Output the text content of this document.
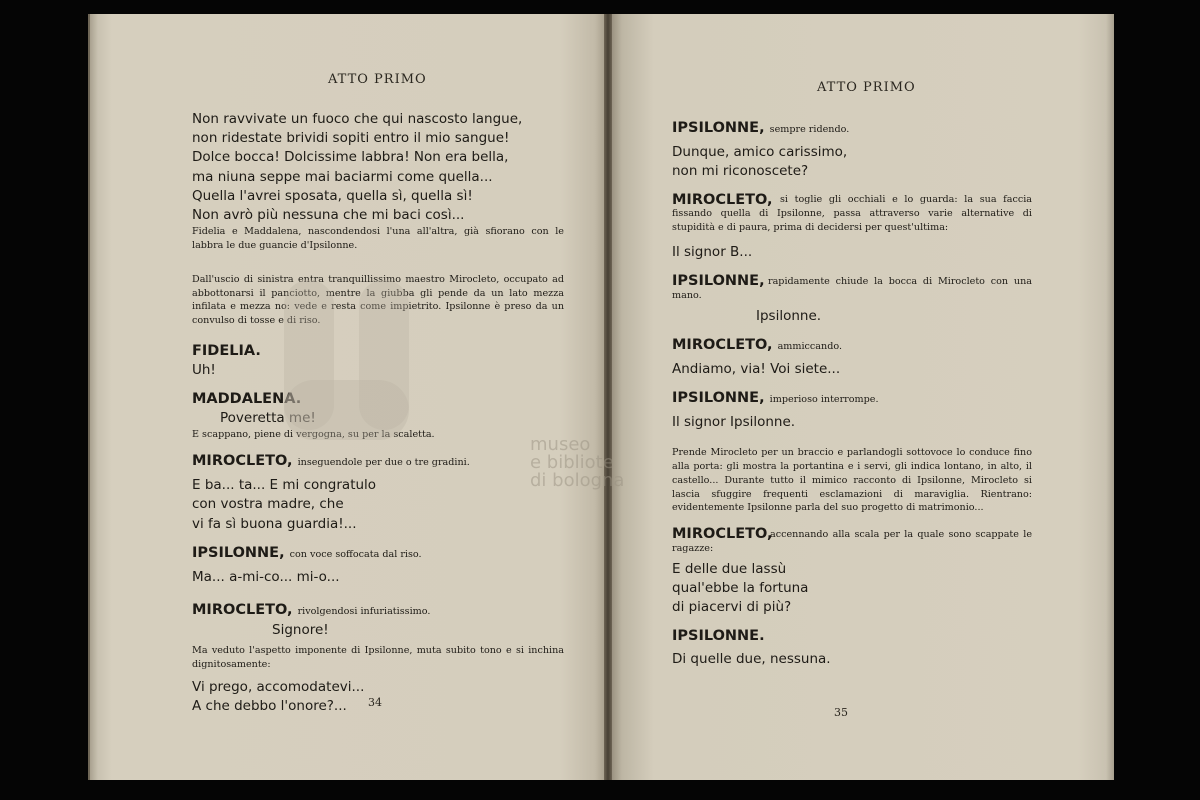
ATTO PRIMO
Non ravvivate un fuoco che qui nascosto langue,
non ridestate brividi sopiti entro il mio sangue!
Dolce bocca! Dolcissime labbra! Non era bella,
ma niuna seppe mai baciarmi come quella...
Quella l'avrei sposata, quella sì, quella sì!
Non avrò più nessuna che mi baci così...
Fidelia e Maddalena, nascondendosi l'una all'altra, già sfiorano con le labbra le due guancie d'Ipsilonne.
Dall'uscio di sinistra entra tranquillissimo maestro Mirocleto, occupato ad abbottonarsi il panciotto, mentre la giubba gli pende da un lato mezza infilata e mezza no: vede e resta come impietrito. Ipsilonne è preso da un convulso di tosse e di riso.
FIDELIA.
Uh!
MADDALENA.
Poveretta me!
E scappano, piene di vergogna, su per la scaletta.
MIROCLETO, inseguendole per due o tre gradini.
E ba... ta... E mi congratulo
con vostra madre, che
vi fa sì buona guardia!...
IPSILONNE, con voce soffocata dal riso.
Ma... a-mi-co... mi-o...
MIROCLETO, rivolgendosi infuriatissimo.
Signore!
Ma veduto l'aspetto imponente di Ipsilonne, muta subito tono e si inchina dignitosamente:
Vi prego, accomodatevi...
A che debbo l'onore?...	34
ATTO PRIMO
IPSILONNE, sempre ridendo.
Dunque, amico carissimo,
non mi riconoscete?
MIROCLETO, si toglie gli occhiali e lo guarda: la sua faccia fissando quella di Ipsilonne, passa attraverso varie alternative di stupidità e di paura, prima di decidersi per quest'ultima:
Il signor B...
IPSILONNE, rapidamente chiude la bocca di Mirocleto con una mano.
Ipsilonne.
MIROCLETO, ammiccando.
Andiamo, via! Voi siete...
IPSILONNE, imperioso interrompe.
Il signor Ipsilonne.
Prende Mirocleto per un braccio e parlandogli sottovoce lo conduce fino alla porta: gli mostra la portantina e i servi, gli indica lontano, in alto, il castello... Durante tutto il mimico racconto di Ipsilonne, Mirocleto si lascia sfuggire frequenti esclamazioni di maraviglia. Rientrano: evidentemente Ipsilonne parla del suo progetto di matrimonio...
MIROCLETO,
accennando alla scala per la quale sono scappate le ragazze:
E delle due lassù
qual'ebbe la fortuna
di piacervi di più?
IPSILONNE.
Di quelle due, nessuna.
35
museo
e bibliote
di bologna
